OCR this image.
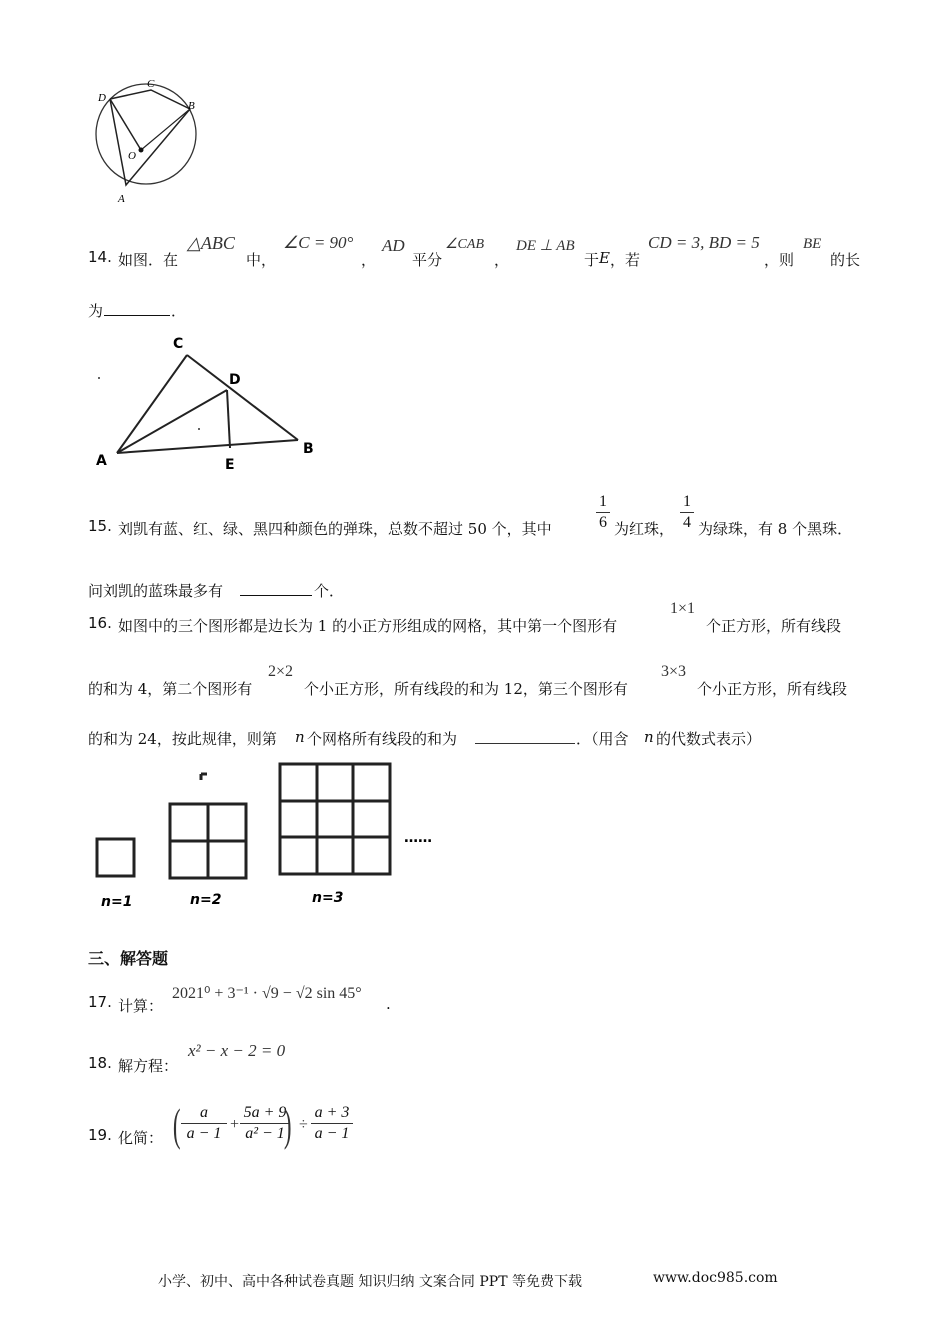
D
C
B
O
A
14. 如图．在
△ABC
中，
∠C = 90°
，
AD
平分
∠CAB
，
DE ⊥ AB
于 E ，若
CD = 3, BD = 5
，则
BE
的长
为	．
C
D
A	E
B
15. 刘凯有蓝、红、绿、黑四种颜色的弹珠，总数不超过 50 个，其中
1
6 为红珠，
1
4 为绿珠，有 8 个黑珠．
问刘凯的蓝珠最多有	个．
16. 如图中的三个图形都是边长为 1 的小正方形组成的网格，其中第一个图形有
1×1
个正方形，所有线段
的和为 4，第二个图形有
2×2
个小正方形，所有线段的和为 12，第三个图形有
3×3
个小正方形，所有线段
的和为 24，按此规律，则第 n 个网格所有线段的和为	．（用含 n 的代数式表示）
……
n=1	n=2	n=3
三、解答题
17. 计算：
2021⁰ + 3⁻¹ · √9 − √2 sin 45°
.
18. 解方程：
x² − x − 2 = 0
19. 化简： (	a
a − 1
+
5a + 9
a² − 1 ) ÷
a + 3
a − 1
小学、初中、高中各种试卷真题 知识归纳 文案合同 PPT 等免费下载	www.doc985.com
